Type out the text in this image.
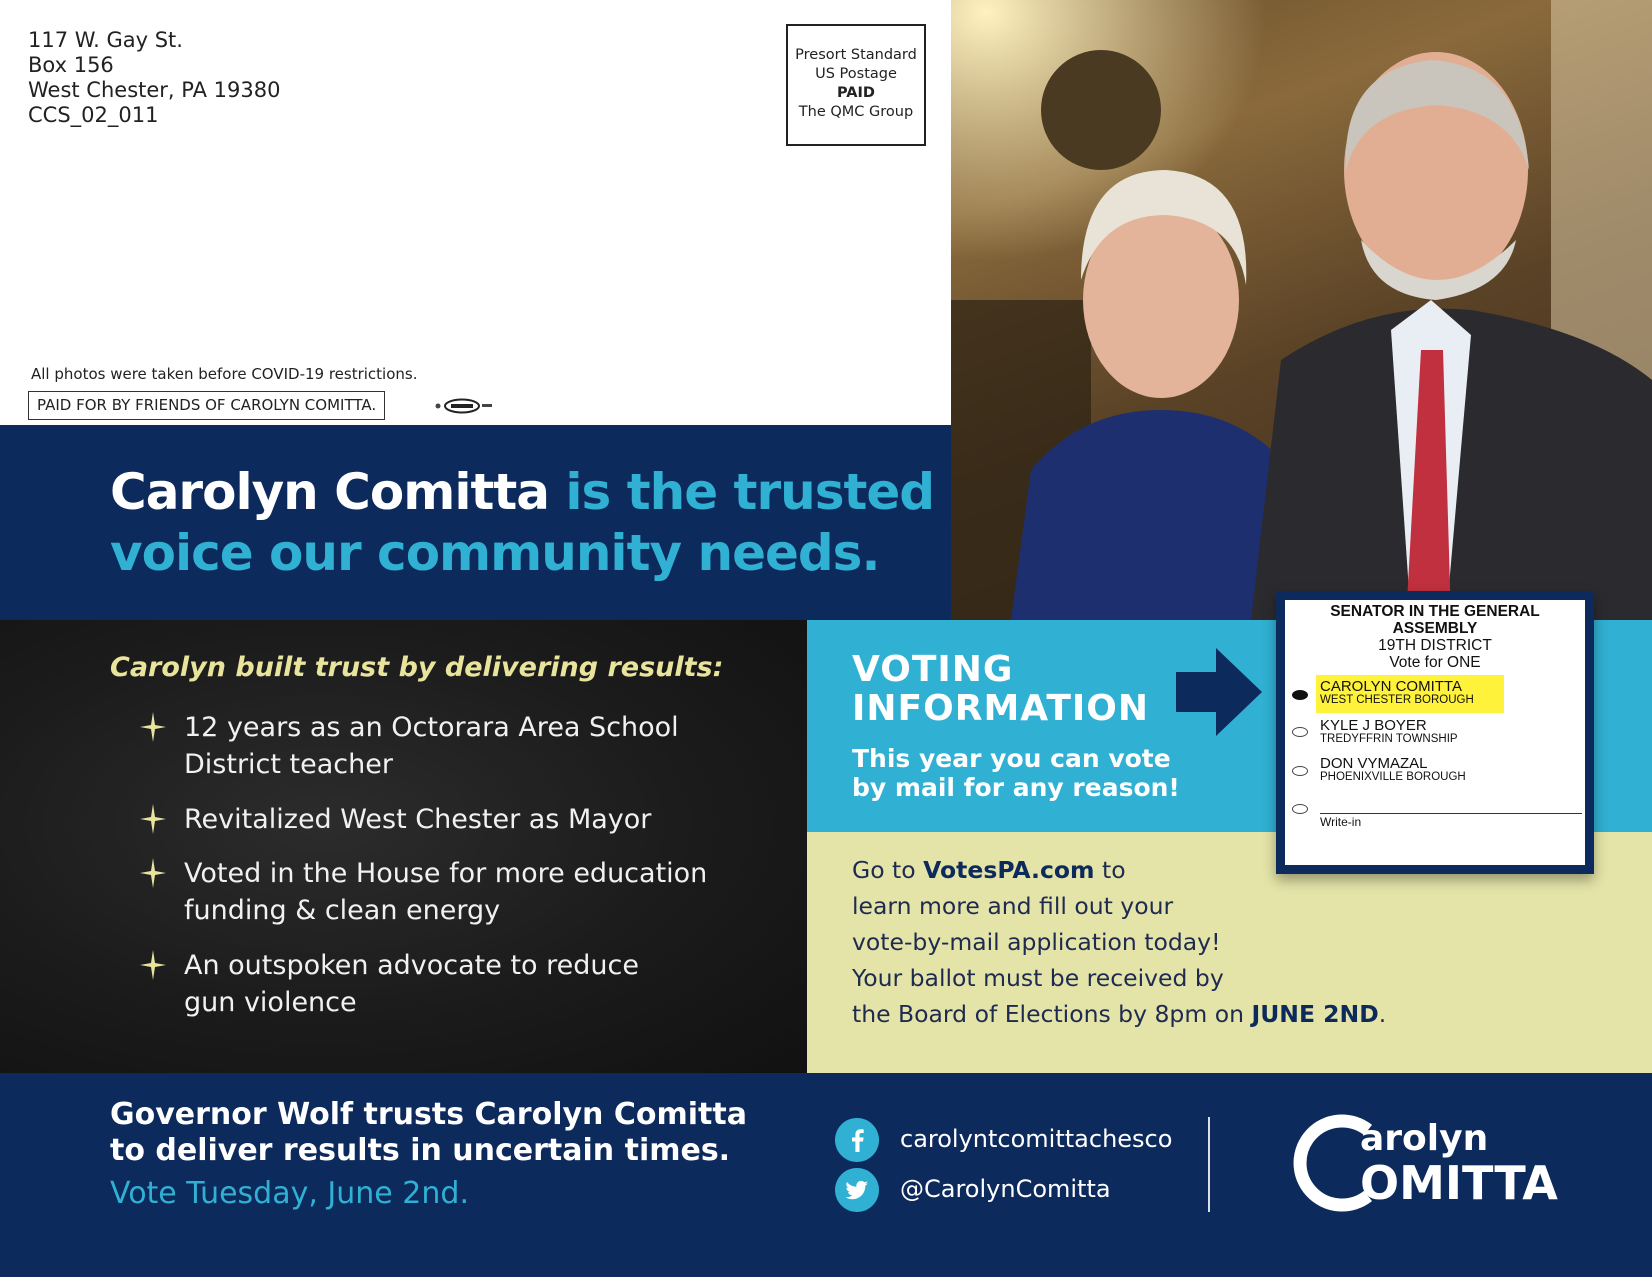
117 W. Gay St.
Box 156
West Chester, PA 19380
CCS_02_011
Presort Standard
US Postage
PAID
The QMC Group
All photos were taken before COVID-19 restrictions.
PAID FOR BY FRIENDS OF CAROLYN COMITTA.
Carolyn Comitta is the trusted
voice our community needs.
Carolyn built trust by delivering results:
12 years as an Octorara Area School
District teacher
Revitalized West Chester as Mayor
Voted in the House for more education
funding & clean energy
An outspoken advocate to reduce
gun violence
VOTING
INFORMATION
This year you can vote
by mail for any reason!
Go to VotesPA.com to
learn more and fill out your
vote-by-mail application today!
Your ballot must be received by
the Board of Elections by 8pm on JUNE 2ND.
SENATOR IN THE GENERAL
ASSEMBLY
19TH DISTRICT
Vote for ONE
CAROLYN COMITTA
WEST CHESTER BOROUGH
KYLE J BOYER
TREDYFFRIN TOWNSHIP
DON VYMAZAL
PHOENIXVILLE BOROUGH
Write-in
Governor Wolf trusts Carolyn Comitta
to deliver results in uncertain times.
Vote Tuesday, June 2nd.
carolyntcomittachesco
@CarolynComitta
arolyn
OMITTA
